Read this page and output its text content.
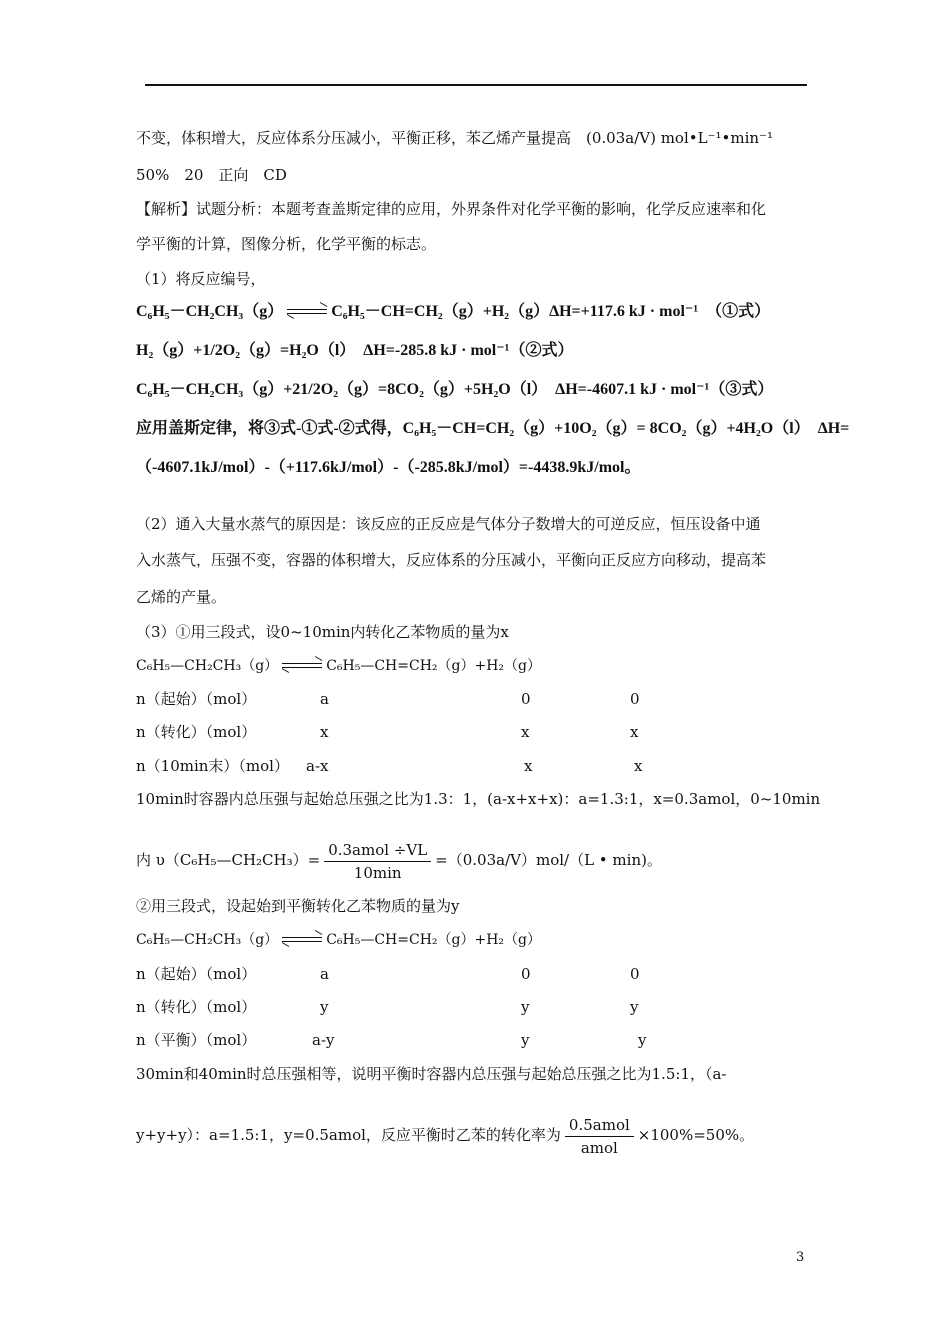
不变，体积增大，反应体系分压减小，平衡正移，苯乙烯产量提高　(0.03a/V) mol•L⁻¹•min⁻¹
50%　20　正向　CD
【解析】试题分析：本题考查盖斯定律的应用，外界条件对化学平衡的影响，化学反应速率和化
学平衡的计算，图像分析，化学平衡的标志。
（1）将反应编号，
C₆H₅－CH₂CH₃（g）	C₆H₅－CH=CH₂（g）+H₂（g）ΔH=+117.6 kJ · mol⁻¹　（①式）
H₂（g）+1/2O₂（g）=H₂O（l）　ΔH=-285.8 kJ · mol⁻¹（②式）
C₆H₅－CH₂CH₃（g）+21/2O₂（g）=8CO₂（g）+5H₂O（l）　ΔH=-4607.1 kJ · mol⁻¹（③式）
应用盖斯定律，将③式-①式-②式得，C₆H₅－CH=CH₂（g）+10O₂（g）= 8CO₂（g）+4H₂O（l）　ΔH=
（-4607.1kJ/mol）-（+117.6kJ/mol）-（-285.8kJ/mol）=-4438.9kJ/mol。
（2）通入大量水蒸气的原因是：该反应的正反应是气体分子数增大的可逆反应，恒压设备中通
入水蒸气，压强不变，容器的体积增大，反应体系的分压减小，平衡向正反应方向移动，提高苯
乙烯的产量。
（3）①用三段式，设0~10min内转化乙苯物质的量为x
C₆H₅—CH₂CH₃（g）	C₆H₅—CH=CH₂（g）+H₂（g）
n（起始）（mol）	a	0	0
n（转化）（mol）	x	x	x
n（10min末）（mol） a-x	x	x
10min时容器内总压强与起始总压强之比为1.3：1，(a-x+x+x)：a=1.3:1，x=0.3amol，0~10min
内 υ（C₆H₅—CH₂CH₃）= $\frac{\text{0.3amol ÷VL}}{10\min} =(0.03a/V)mol/(L$ • min)。
②用三段式，设起始到平衡转化乙苯物质的量为y
C₆H₅—CH₂CH₃（g）	C₆H₅—CH=CH₂（g）+H₂（g）
n（起始）（mol）	a	0	0
n（转化）（mol）	y	y	y
n（平衡）（mol）	a-y	y	y
30min和40min时总压强相等，说明平衡时容器内总压强与起始总压强之比为1.5:1，（a-
y+y+y）：a=1.5:1，y=0.5amol，反应平衡时乙苯的转化率为 $\frac{\text{0.5amol}}{\text{amol}} \times 100\%=50\%$。
3
